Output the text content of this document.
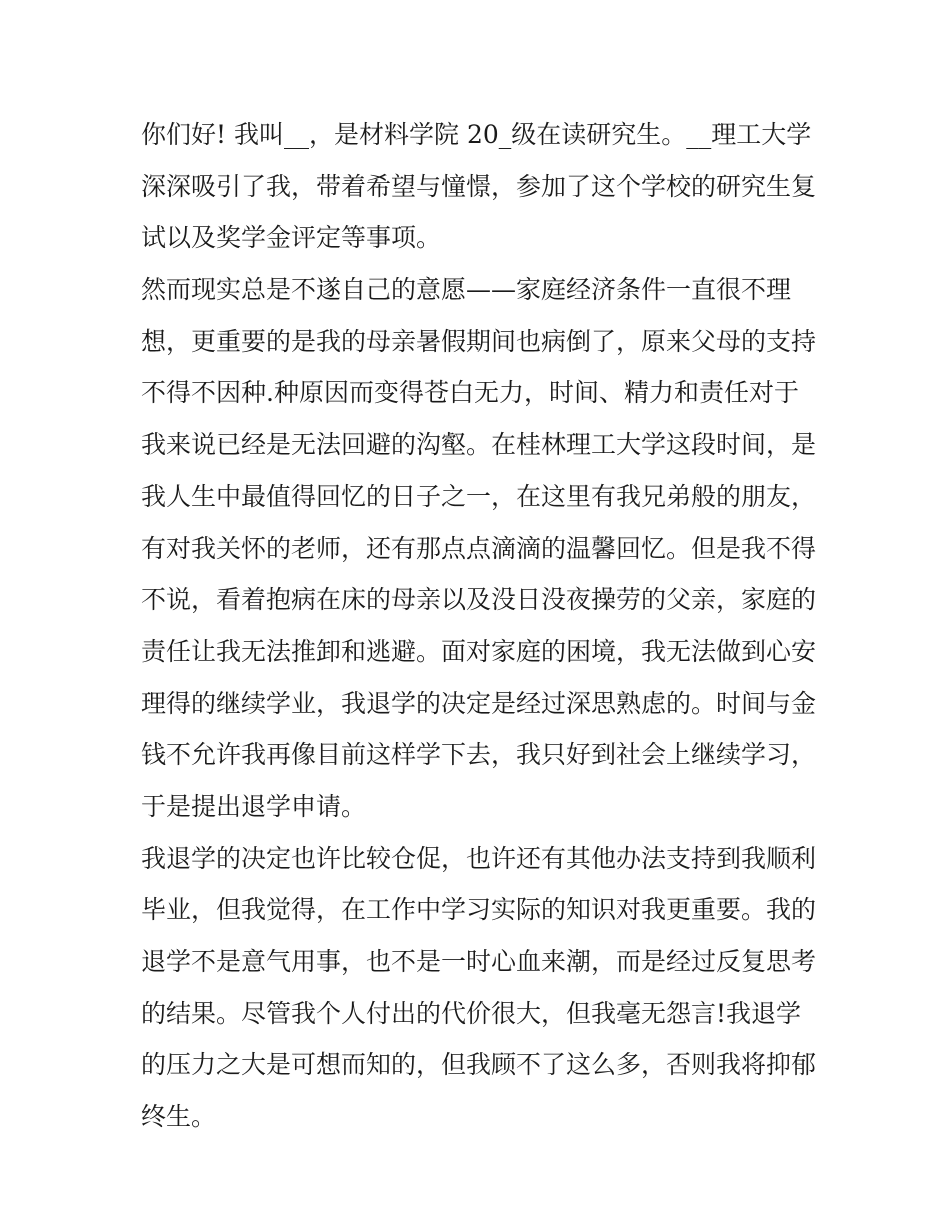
你们好! 我叫__，是材料学院 20_级在读研究生。__理工大学
深深吸引了我，带着希望与憧憬，参加了这个学校的研究生复
试以及奖学金评定等事项。
然而现实总是不遂自己的意愿——家庭经济条件一直很不理
想，更重要的是我的母亲暑假期间也病倒了，原来父母的支持
不得不因种.种原因而变得苍白无力，时间、精力和责任对于
我来说已经是无法回避的沟壑。在桂林理工大学这段时间，是
我人生中最值得回忆的日子之一，在这里有我兄弟般的朋友，
有对我关怀的老师，还有那点点滴滴的温馨回忆。但是我不得
不说，看着抱病在床的母亲以及没日没夜操劳的父亲，家庭的
责任让我无法推卸和逃避。面对家庭的困境，我无法做到心安
理得的继续学业，我退学的决定是经过深思熟虑的。时间与金
钱不允许我再像目前这样学下去，我只好到社会上继续学习，
于是提出退学申请。
我退学的决定也许比较仓促，也许还有其他办法支持到我顺利
毕业，但我觉得，在工作中学习实际的知识对我更重要。我的
退学不是意气用事，也不是一时心血来潮，而是经过反复思考
的结果。尽管我个人付出的代价很大，但我毫无怨言!我退学
的压力之大是可想而知的，但我顾不了这么多，否则我将抑郁
终生。
